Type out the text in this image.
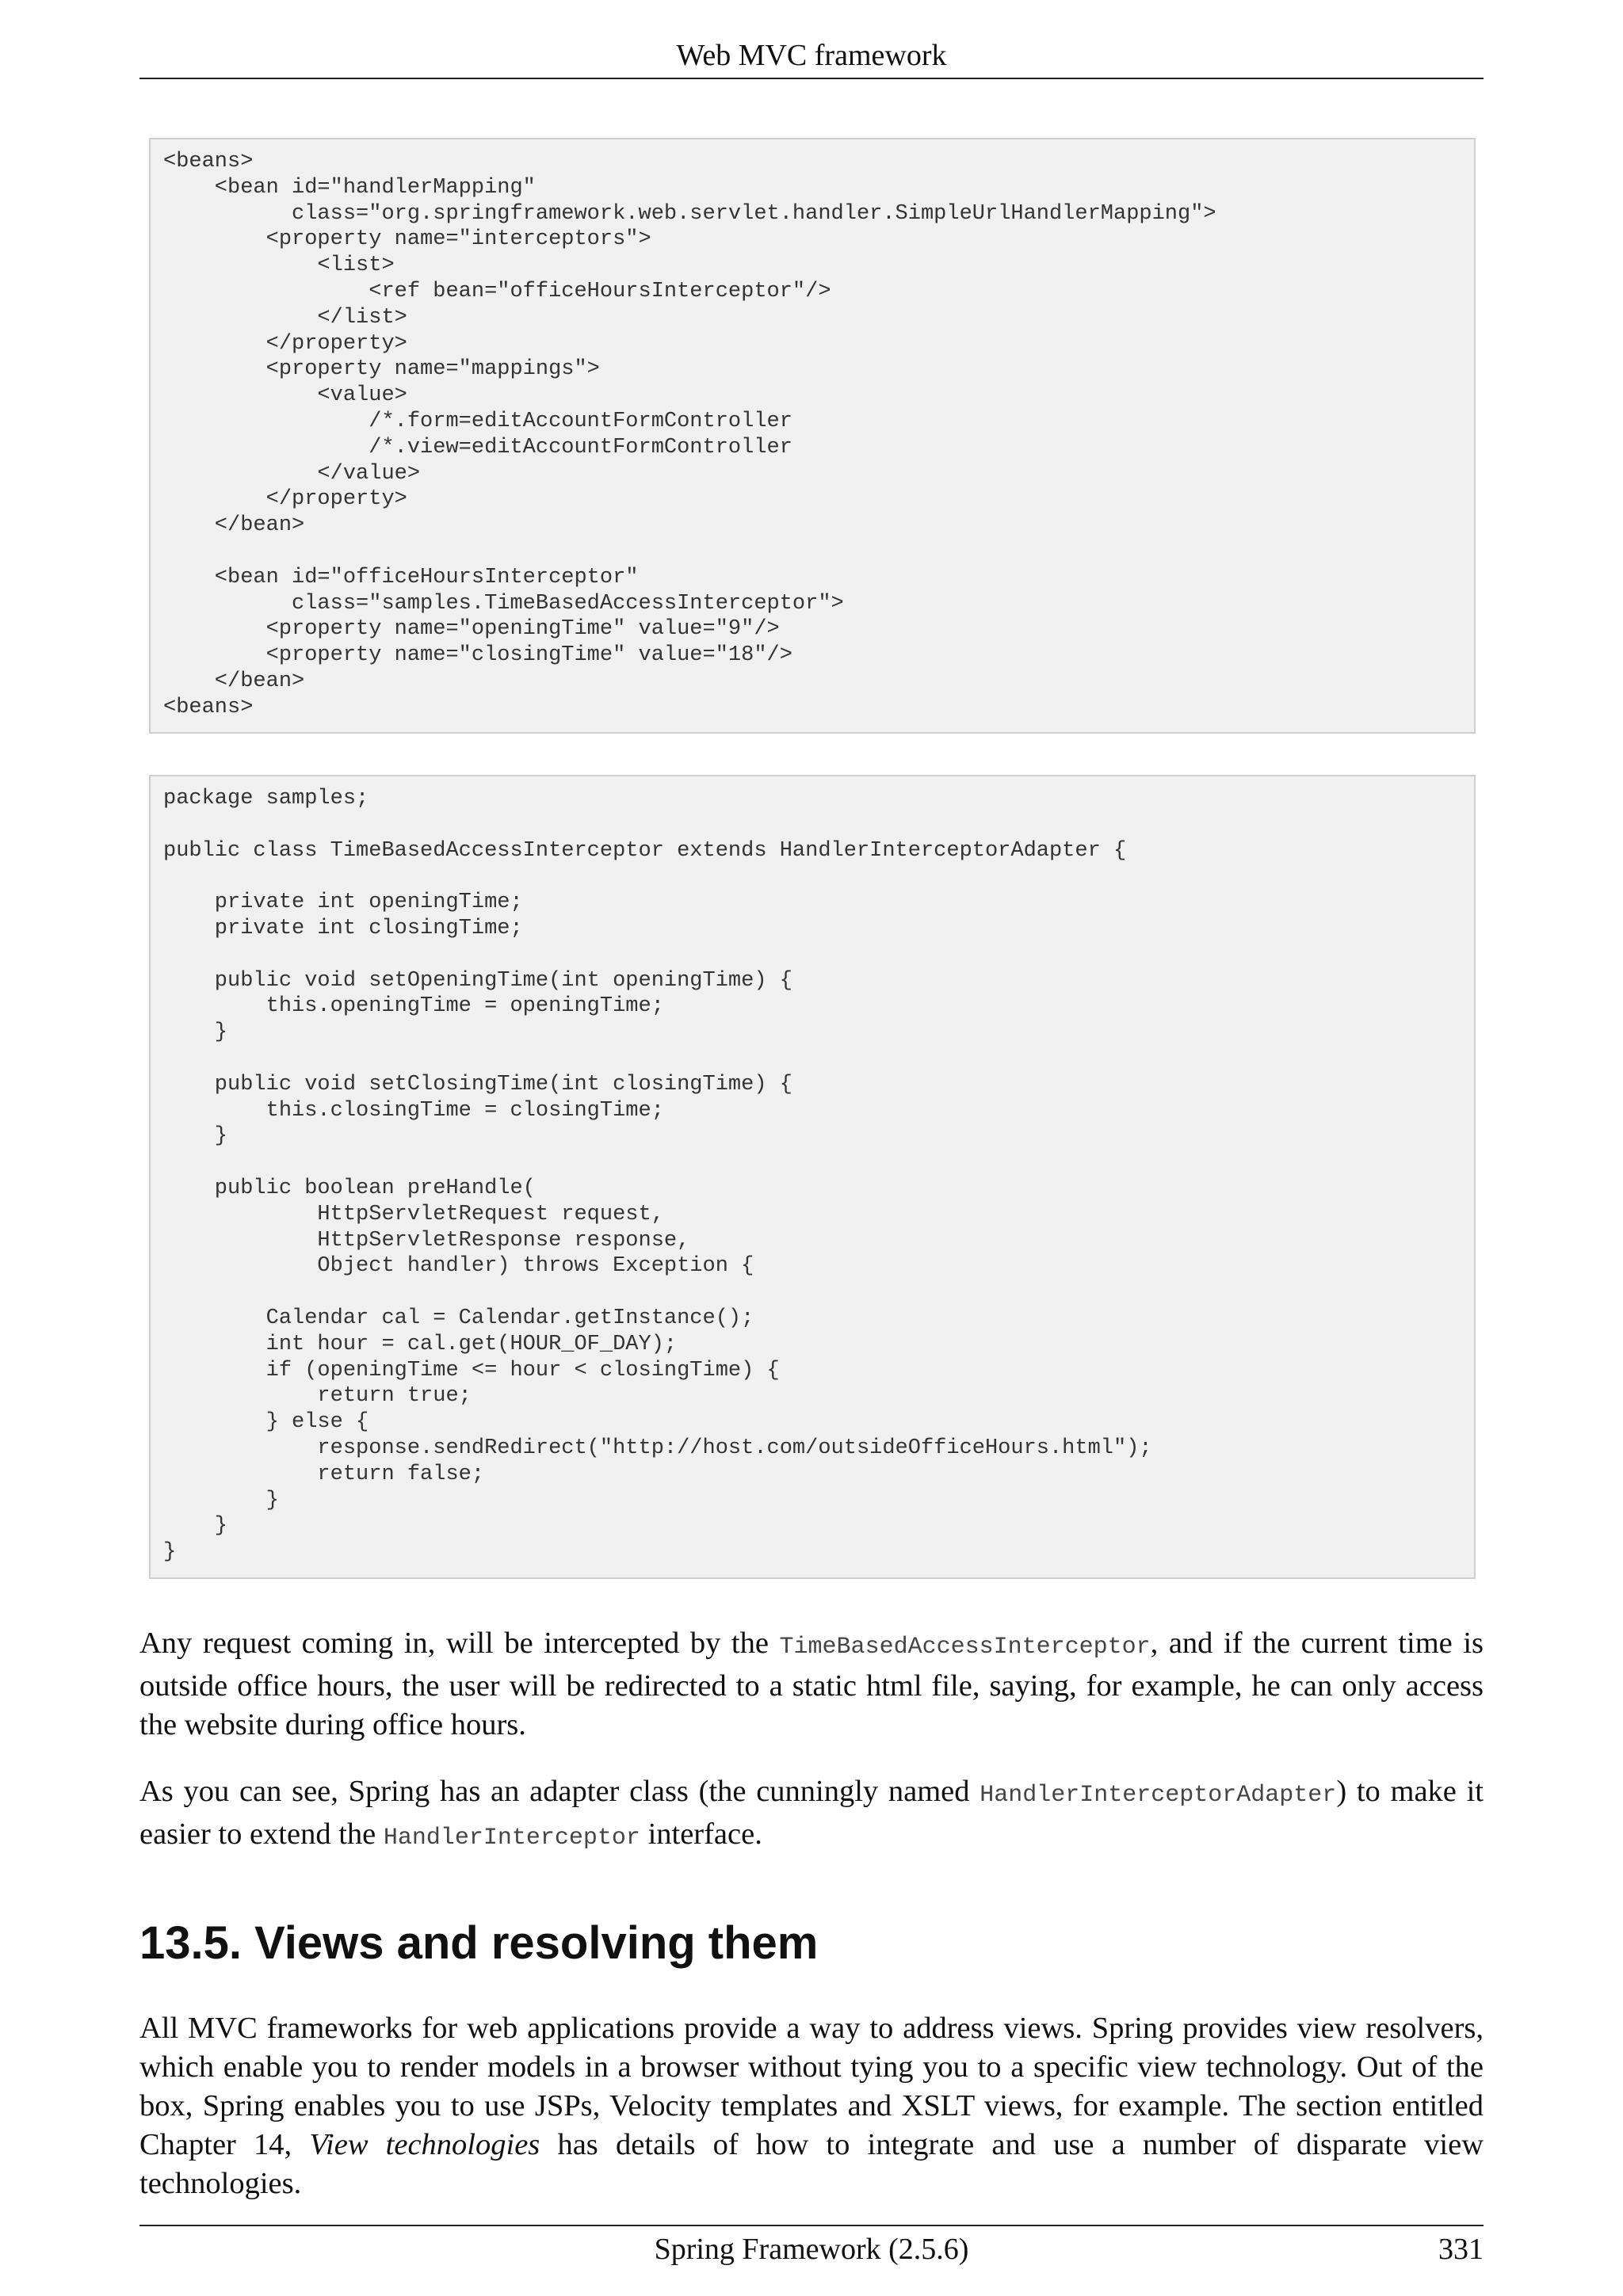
Web MVC framework
<beans>
<bean id="handlerMapping"
class="org.springframework.web.servlet.handler.SimpleUrlHandlerMapping">
<property name="interceptors">
<list>
<ref bean="officeHoursInterceptor"/>
</list>
</property>
<property name="mappings">
<value>
/*.form=editAccountFormController
/*.view=editAccountFormController
</value>
</property>
</bean>

<bean id="officeHoursInterceptor"
class="samples.TimeBasedAccessInterceptor">
<property name="openingTime" value="9"/>
<property name="closingTime" value="18"/>
</bean>
<beans>
package samples;

public class TimeBasedAccessInterceptor extends HandlerInterceptorAdapter {

private int openingTime;
private int closingTime;

public void setOpeningTime(int openingTime) {
this.openingTime = openingTime;
}

public void setClosingTime(int closingTime) {
this.closingTime = closingTime;
}

public boolean preHandle(
HttpServletRequest request,
HttpServletResponse response,
Object handler) throws Exception {

Calendar cal = Calendar.getInstance();
int hour = cal.get(HOUR_OF_DAY);
if (openingTime <= hour < closingTime) {
return true;
} else {
response.sendRedirect("http://host.com/outsideOfficeHours.html");
return false;
}
}
}

Any request coming in, will be intercepted by the TimeBasedAccessInterceptor, and if the current time is outside office hours, the user will be redirected to a static html file, saying, for example, he can only access the website during office hours.

As you can see, Spring has an adapter class (the cunningly named HandlerInterceptorAdapter) to make it easier to extend the HandlerInterceptor interface.

13.5. Views and resolving them

All MVC frameworks for web applications provide a way to address views. Spring provides view resolvers, which enable you to render models in a browser without tying you to a specific view technology. Out of the box, Spring enables you to use JSPs, Velocity templates and XSLT views, for example. The section entitled Chapter 14, View technologies has details of how to integrate and use a number of disparate view technologies.

Spring Framework (2.5.6)	331
